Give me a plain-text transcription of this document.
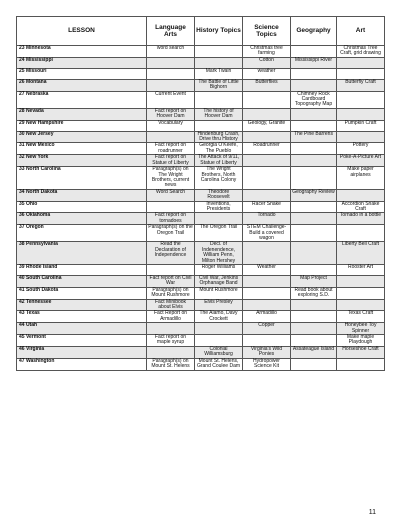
LESSON	Language Arts	History Topics	Science Topics	Geography	Art
23 Minnesota	word search		Christmas tree farming		Christmas Tree Craft, grid drawing
24 Mississippi			Cotton	Mississippi River	
25 Missouri		Mark Twain	weather		
26 Montana		The Battle of Little Bighorn	Butterflies		Butterfly Craft
27 Nebraska	Current Event			Chimney Rock Cardboard Topography Map	
28 Nevada	Fact report on Hoover Dam	The history of Hoover Dam			
29 New Hampshire	Vocabulary		Geology, Granite		Pumpkin Craft
30 New Jersey		Hindenburg Crash, Drive thru History		The Pine Barrens	
31 New Mexico	Fact report on roadrunner	Georgia O'Keefe, The Pueblo	Roadrunner		Pottery
32 New York	Fact report on Statue of Liberty	The Attack of 9/11, Statue of Liberty			Poke-A-Picture Art
33 North Carolina	Paragraph(s) on The Wright Brothers, current news	The Wright Brothers, North Carolina Colony			Make paper airplanes
34 North Dakota	Word Search	Theodore Roosevelt		Geography Review	
35 Ohio		Inventions, Presidents	Racer Snake		Accordion Snake Craft
36 Oklahoma	Fact report on tornadoes		Tornado		Tornado in a bottle
37 Oregon	Paragraph(s) on the Oregon Trail	The Oregon Trail	STEM Challenge- Build a covered wagon		
38 Pennsylvania	Read the Declaration of Independence	Decl. of Indenendence, William Penn, Milton Hershey			Liberty Bell Craft
39 Rhode Island		Roger Williams	Weather		Rooster Art
40 South Carolina	Fact report on Civil War	Civil War, Jenkins Orphanage Band		Map Project	
41 South Dakota	Paragraph(s) on Mount Rushmore	Mount Rushmore		Read book about exploring S.D.	
42 Tennessee	Fact Minibook about Elvis	Elvis Presley			
43 Texas	Fact Report on Armadillo	The Alamo, Davy Crockett	Armadillo		Texas Craft
44 Utah			Copper		Honeybee Toy Spinner
45 Vermont	Fact report on maple syrup				Make maple Playdough
46 Virginia		Colonial Williamsburg	Virginia's Wild Ponies	Assateague Island	Horseshoe Craft
47 Washington	Paragraph(s) on Mount St. Helens	Mount St. Helens, Grand Coulee Dam	Hydropower Science Kit		
11
